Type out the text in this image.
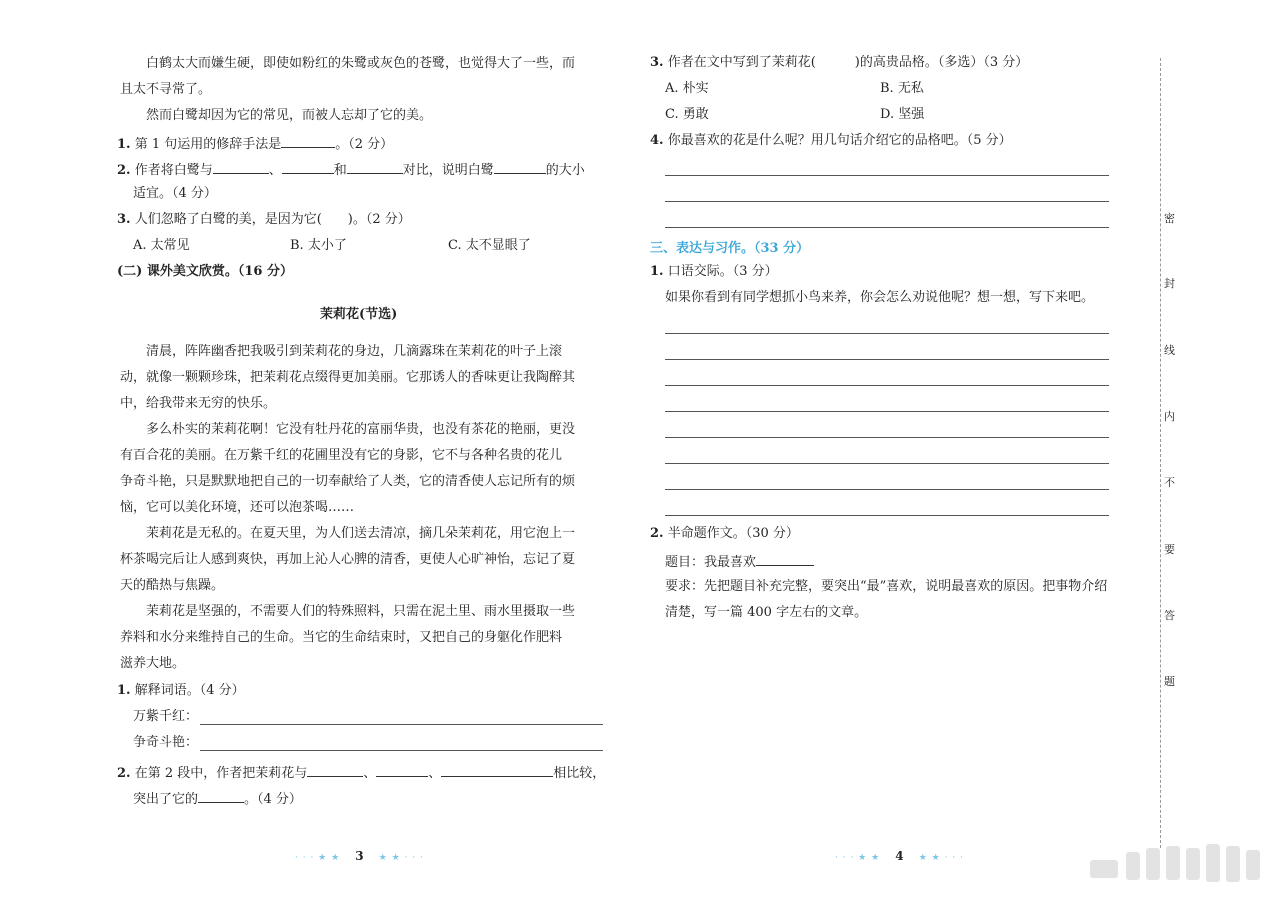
白鹤太大而嫌生硬，即使如粉红的朱鹭或灰色的苍鹭，也觉得大了一些，而
且太不寻常了。
然而白鹭却因为它的常见，而被人忘却了它的美。
1. 第 1 句运用的修辞手法是	。（2 分）
2. 作者将白鹭与	、	和	对比，说明白鹭	的大小
适宜。（4 分）
3. 人们忽略了白鹭的美，是因为它(　　)。（2 分）
A. 太常见	B. 太小了	C. 太不显眼了
(二) 课外美文欣赏。（16 分）
茉莉花(节选)
清晨，阵阵幽香把我吸引到茉莉花的身边，几滴露珠在茉莉花的叶子上滚
动，就像一颗颗珍珠，把茉莉花点缀得更加美丽。它那诱人的香味更让我陶醉其
中，给我带来无穷的快乐。
多么朴实的茉莉花啊！它没有牡丹花的富丽华贵，也没有茶花的艳丽，更没
有百合花的美丽。在万紫千红的花圃里没有它的身影，它不与各种名贵的花儿
争奇斗艳，只是默默地把自己的一切奉献给了人类，它的清香使人忘记所有的烦
恼，它可以美化环境，还可以泡茶喝……
茉莉花是无私的。在夏天里，为人们送去清凉，摘几朵茉莉花，用它泡上一
杯茶喝完后让人感到爽快，再加上沁人心脾的清香，更使人心旷神怡，忘记了夏
天的酷热与焦躁。
茉莉花是坚强的，不需要人们的特殊照料，只需在泥土里、雨水里摄取一些
养料和水分来维持自己的生命。当它的生命结束时，又把自己的身躯化作肥料
滋养大地。
1. 解释词语。（4 分）
万紫千红：
争奇斗艳：
2. 在第 2 段中，作者把茉莉花与	、	、	相比较，
突出了它的	。（4 分）
· · · ★ ★ 3 ★ ★ · · ·
3. 作者在文中写到了茉莉花(　　　)的高贵品格。（多选）（3 分）
A. 朴实	B. 无私
C. 勇敢	D. 坚强
4. 你最喜欢的花是什么呢？用几句话介绍它的品格吧。（5 分）
三、表达与习作。（33 分）
1. 口语交际。（3 分）
如果你看到有同学想抓小鸟来养，你会怎么劝说他呢？想一想，写下来吧。
2. 半命题作文。（30 分）
题目：我最喜欢
要求：先把题目补充完整，要突出“最”喜欢，说明最喜欢的原因。把事物介绍
清楚，写一篇 400 字左右的文章。
· · · ★ ★ 4 ★ ★ · · ·
密
封
线
内
不
要
答
题
